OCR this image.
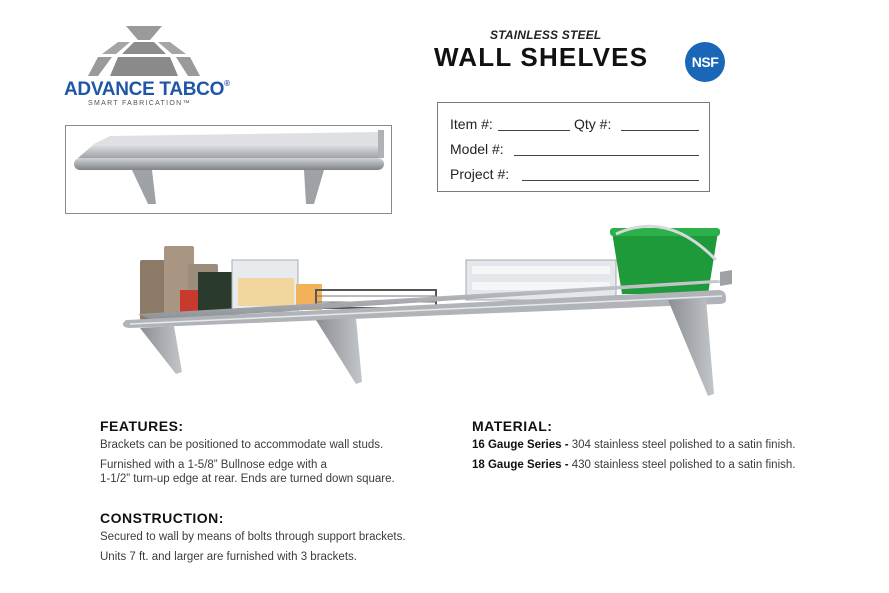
ADVANCE TABCO®
SMART FABRICATION™
STAINLESS STEEL
WALL SHELVES	NSF
Item #:	Qty #:
Model #:
Project #:
FEATURES:
Brackets can be positioned to accommodate wall studs.
Furnished with a 1-5/8” Bullnose edge with a
1-1/2” turn-up edge at rear. Ends are turned down square.
MATERIAL:
16 Gauge Series - 304 stainless steel polished to a satin finish.
18 Gauge Series - 430 stainless steel polished to a satin finish.
CONSTRUCTION:
Secured to wall by means of bolts through support brackets.
Units 7 ft. and larger are furnished with 3 brackets.
